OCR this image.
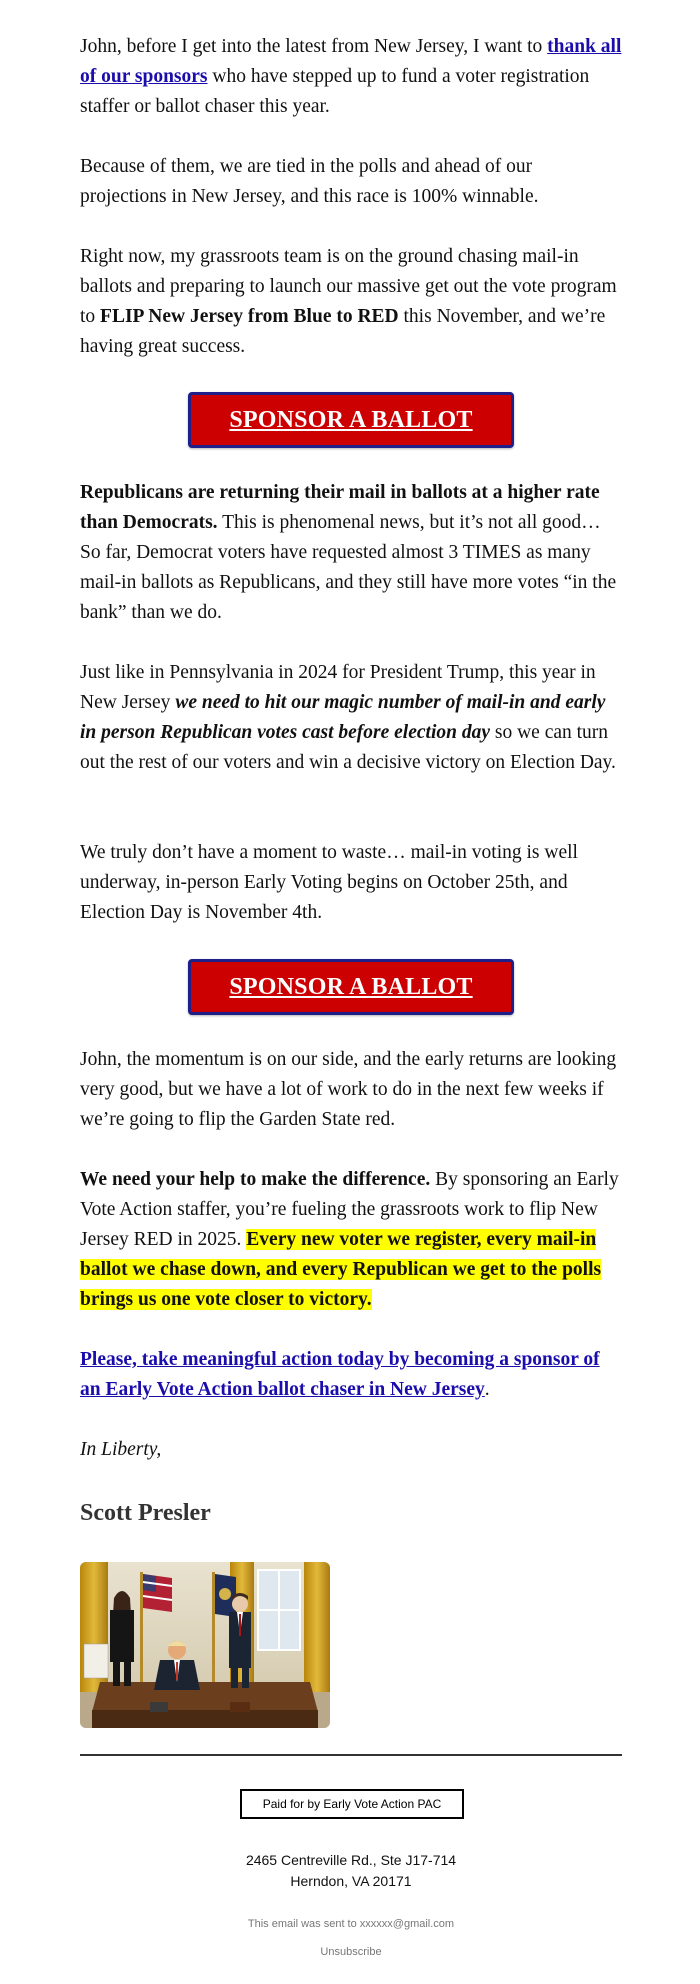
John, before I get into the latest from New Jersey, I want to thank all of our sponsors who have stepped up to fund a voter registration staffer or ballot chaser this year.

Because of them, we are tied in the polls and ahead of our projections in New Jersey, and this race is 100% winnable.

Right now, my grassroots team is on the ground chasing mail-in ballots and preparing to launch our massive get out the vote program to FLIP New Jersey from Blue to RED this November, and we’re having great success.

SPONSOR A BALLOT CHASER

Republicans are returning their mail in ballots at a higher rate than Democrats. This is phenomenal news, but it’s not all good… So far, Democrat voters have requested almost 3 TIMES as many mail-in ballots as Republicans, and they still have more votes “in the bank” than we do.

Just like in Pennsylvania in 2024 for President Trump, this year in New Jersey we need to hit our magic number of mail-in and early in person Republican votes cast before election day so we can turn out the rest of our voters and win a decisive victory on Election Day.

We truly don’t have a moment to waste… mail-in voting is well underway, in-person Early Voting begins on October 25th, and Election Day is November 4th.

SPONSOR A BALLOT CHASER

John, the momentum is on our side, and the early returns are looking very good, but we have a lot of work to do in the next few weeks if we’re going to flip the Garden State red.

We need your help to make the difference. By sponsoring an Early Vote Action staffer, you’re fueling the grassroots work to flip New Jersey RED in 2025. Every new voter we register, every mail-in ballot we chase down, and every Republican we get to the polls brings us one vote closer to victory.

Please, take meaningful action today by becoming a sponsor of an Early Vote Action ballot chaser in New Jersey.

In Liberty,

Scott Presler
Paid for by Early Vote Action PAC
2465 Centreville Rd., Ste J17-714
Herndon, VA 20171
This email was sent to xxxxxx@gmail.com
Unsubscribe
